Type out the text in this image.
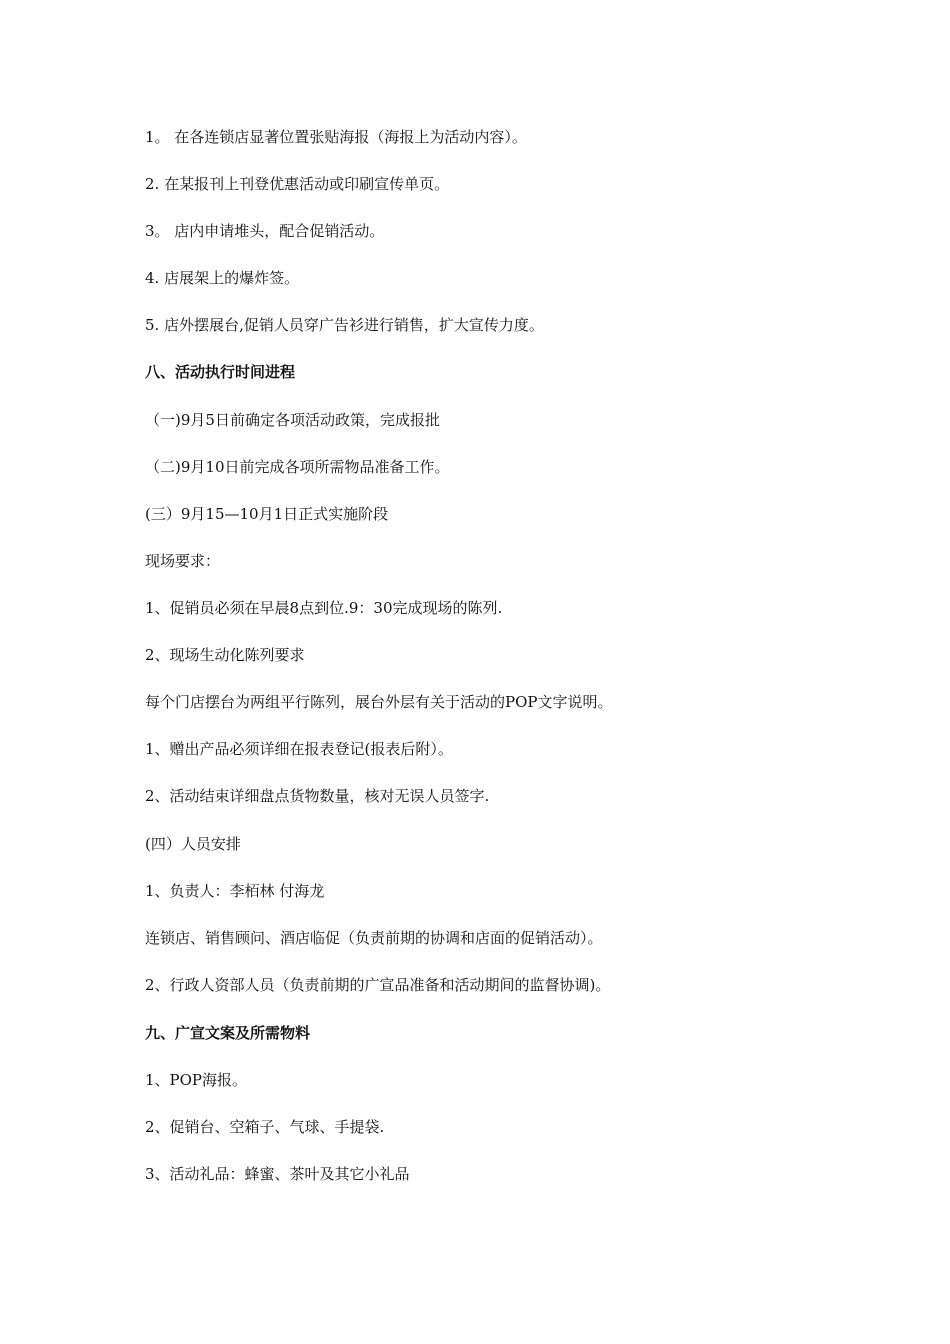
1。 在各连锁店显著位置张贴海报（海报上为活动内容）。
2. 在某报刊上刊登优惠活动或印刷宣传单页。
3。 店内申请堆头，配合促销活动。
4. 店展架上的爆炸签。
5. 店外摆展台,促销人员穿广告衫进行销售，扩大宣传力度。
八、活动执行时间进程
（一)9月5日前确定各项活动政策，完成报批
（二)9月10日前完成各项所需物品准备工作。
(三）9月15—10月1日正式实施阶段
现场要求：
1、促销员必须在早晨8点到位.9：30完成现场的陈列.
2、现场生动化陈列要求
每个门店摆台为两组平行陈列，展台外层有关于活动的POP文字说明。
1、赠出产品必须详细在报表登记(报表后附）。
2、活动结束详细盘点货物数量，核对无误人员签字.
(四）人员安排
1、负责人：李栢林 付海龙
连锁店、销售顾问、酒店临促（负责前期的协调和店面的促销活动）。
2、行政人资部人员（负责前期的广宣品准备和活动期间的监督协调)。
九、广宣文案及所需物料
1、POP海报。
2、促销台、空箱子、气球、手提袋.
3、活动礼品：蜂蜜、茶叶及其它小礼品
